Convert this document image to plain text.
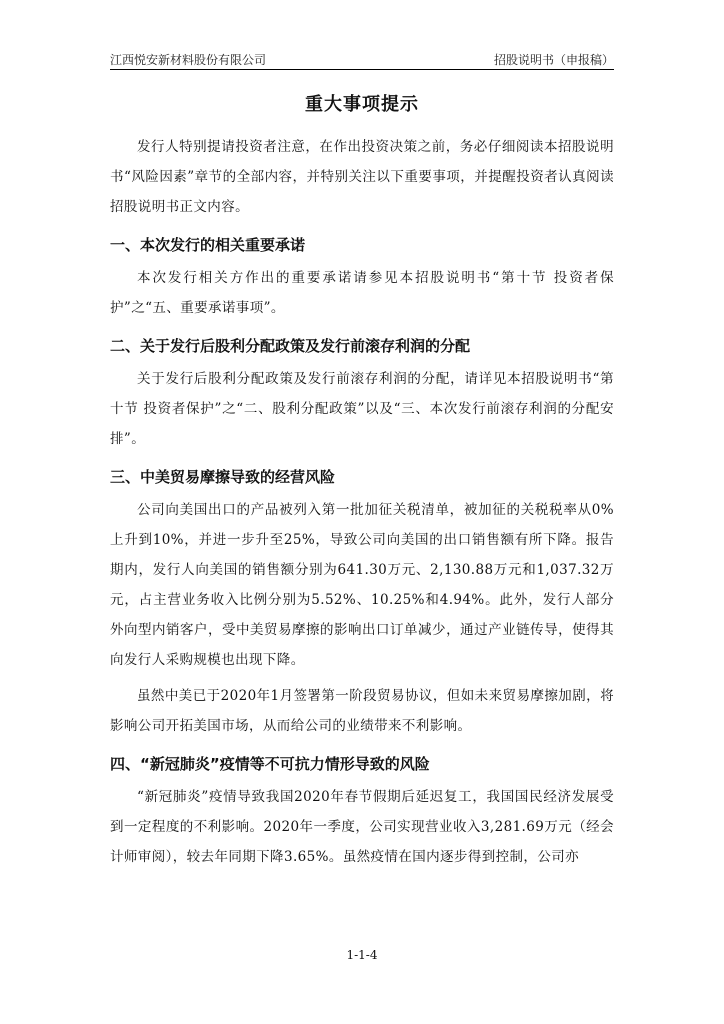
江西悦安新材料股份有限公司	招股说明书（申报稿）
重大事项提示

发行人特别提请投资者注意，在作出投资决策之前，务必仔细阅读本招股说明书“风险因素”章节的全部内容，并特别关注以下重要事项，并提醒投资者认真阅读招股说明书正文内容。

一、本次发行的相关重要承诺

本次发行相关方作出的重要承诺请参见本招股说明书“第十节 投资者保护”之“五、重要承诺事项”。

二、关于发行后股利分配政策及发行前滚存利润的分配

关于发行后股利分配政策及发行前滚存利润的分配，请详见本招股说明书“第十节 投资者保护”之“二、股利分配政策”以及“三、本次发行前滚存利润的分配安排”。

三、中美贸易摩擦导致的经营风险

公司向美国出口的产品被列入第一批加征关税清单，被加征的关税税率从0%上升到10%，并进一步升至25%，导致公司向美国的出口销售额有所下降。报告期内，发行人向美国的销售额分别为641.30万元、2,130.88万元和1,037.32万元，占主营业务收入比例分别为5.52%、10.25%和4.94%。此外，发行人部分外向型内销客户，受中美贸易摩擦的影响出口订单减少，通过产业链传导，使得其向发行人采购规模也出现下降。

虽然中美已于2020年1月签署第一阶段贸易协议，但如未来贸易摩擦加剧，将影响公司开拓美国市场，从而给公司的业绩带来不利影响。

四、“新冠肺炎”疫情等不可抗力情形导致的风险

“新冠肺炎”疫情导致我国2020年春节假期后延迟复工，我国国民经济发展受到一定程度的不利影响。2020年一季度，公司实现营业收入3,281.69万元（经会计师审阅），较去年同期下降3.65%。虽然疫情在国内逐步得到控制，公司亦

1-1-4
